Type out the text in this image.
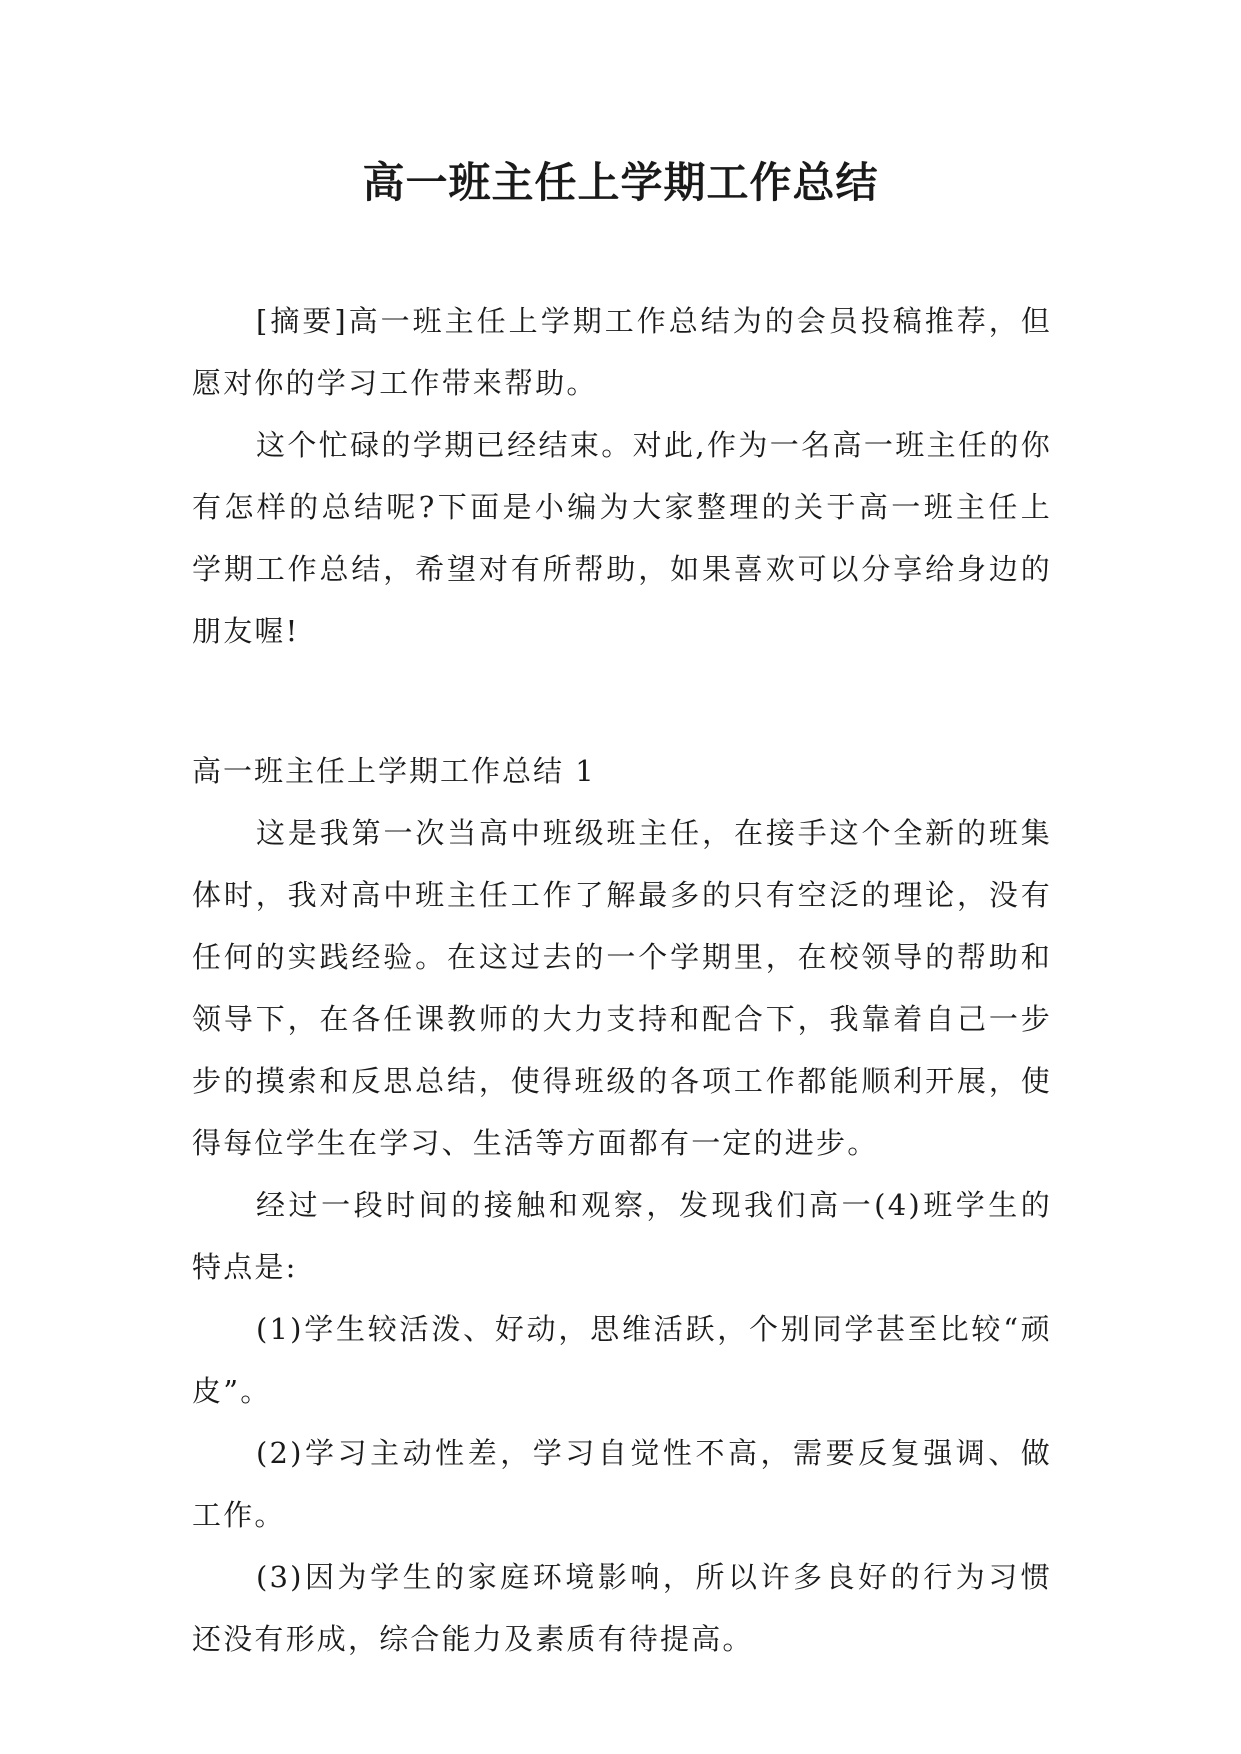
高一班主任上学期工作总结

[摘要]高一班主任上学期工作总结为的会员投稿推荐，但愿对你的学习工作带来帮助。

这个忙碌的学期已经结束。对此,作为一名高一班主任的你有怎样的总结呢?下面是小编为大家整理的关于高一班主任上学期工作总结，希望对有所帮助，如果喜欢可以分享给身边的朋友喔!

高一班主任上学期工作总结 1

这是我第一次当高中班级班主任，在接手这个全新的班集体时，我对高中班主任工作了解最多的只有空泛的理论，没有任何的实践经验。在这过去的一个学期里，在校领导的帮助和领导下，在各任课教师的大力支持和配合下，我靠着自己一步步的摸索和反思总结，使得班级的各项工作都能顺利开展，使得每位学生在学习、生活等方面都有一定的进步。

经过一段时间的接触和观察，发现我们高一(4)班学生的特点是:

(1)学生较活泼、好动，思维活跃，个别同学甚至比较“顽皮”。

(2)学习主动性差，学习自觉性不高，需要反复强调、做工作。

(3)因为学生的家庭环境影响，所以许多良好的行为习惯还没有形成，综合能力及素质有待提高。
